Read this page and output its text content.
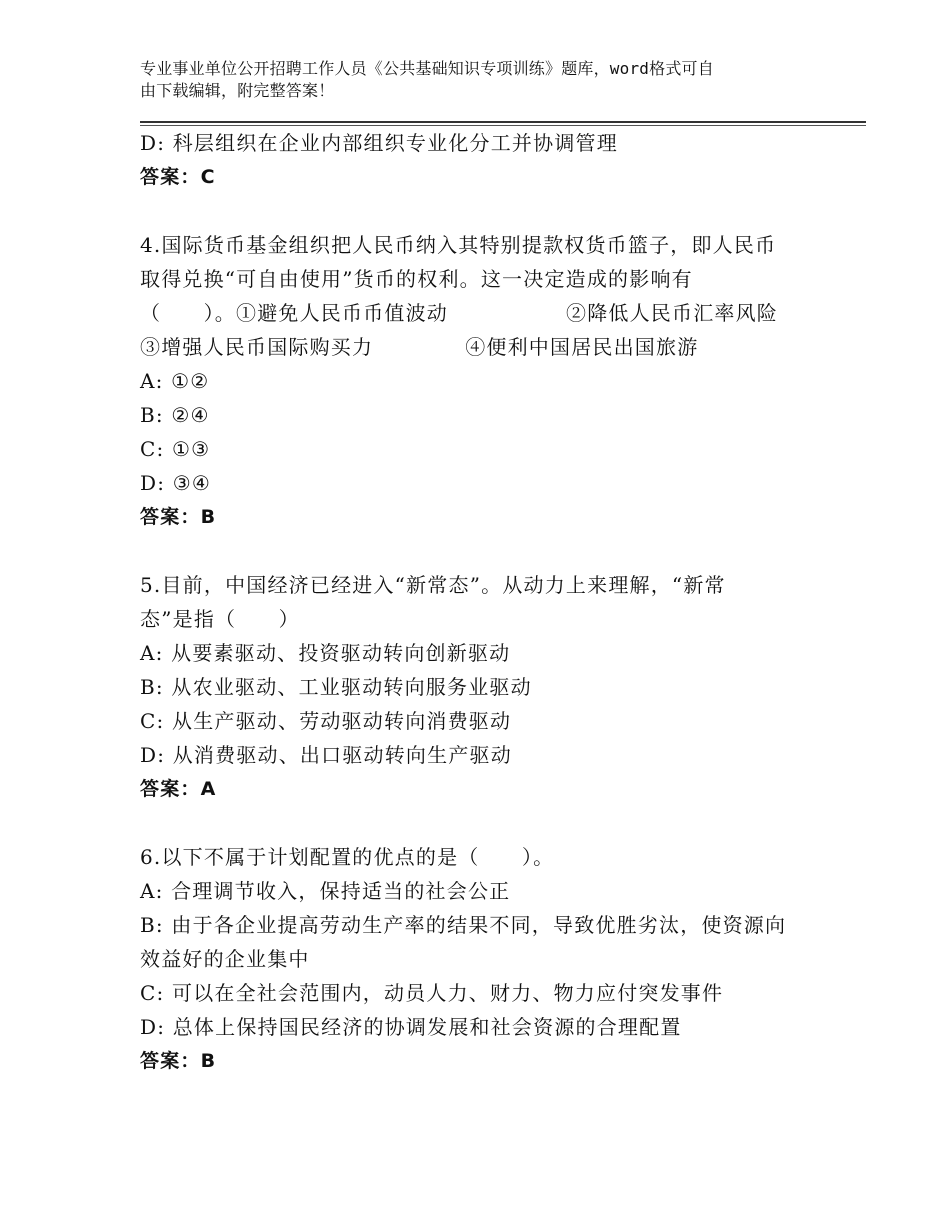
专业事业单位公开招聘工作人员《公共基础知识专项训练》题库，word格式可自
由下载编辑，附完整答案！
D: 科层组织在企业内部组织专业化分工并协调管理
答案：C
4.国际货币基金组织把人民币纳入其特别提款权货币篮子，即人民币
取得兑换“可自由使用”货币的权利。这一决定造成的影响有
（　　）。①避免人民币币值波动	②降低人民币汇率风险
③增强人民币国际购买力	④便利中国居民出国旅游
A: ①②
B: ②④
C: ①③
D: ③④
答案：B
5.目前，中国经济已经进入“新常态”。从动力上来理解，“新常
态”是指（　　）
A: 从要素驱动、投资驱动转向创新驱动
B: 从农业驱动、工业驱动转向服务业驱动
C: 从生产驱动、劳动驱动转向消费驱动
D: 从消费驱动、出口驱动转向生产驱动
答案：A
6.以下不属于计划配置的优点的是（　　）。
A: 合理调节收入，保持适当的社会公正
B: 由于各企业提高劳动生产率的结果不同，导致优胜劣汰，使资源向
效益好的企业集中
C: 可以在全社会范围内，动员人力、财力、物力应付突发事件
D: 总体上保持国民经济的协调发展和社会资源的合理配置
答案：B
